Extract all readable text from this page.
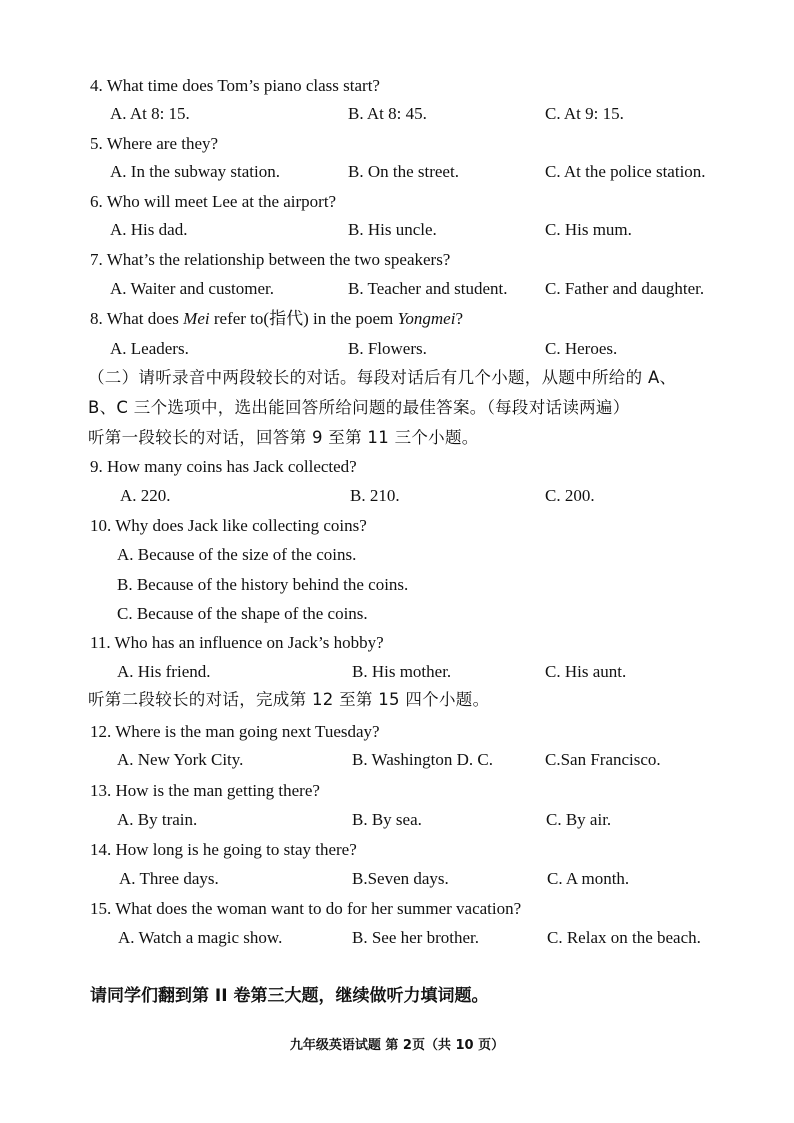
4. What time does Tom’s piano class start?
A. At 8: 15.	B. At 8: 45.	C. At 9: 15.
5. Where are they?
A. In the subway station.	B. On the street.	C. At the police station.
6. Who will meet Lee at the airport?
A. His dad.	B. His uncle.	C. His mum.
7. What’s the relationship between the two speakers?
A. Waiter and customer.	B. Teacher and student. C. Father and daughter.
8. What does Mei refer to(指代) in the poem Yongmei?
A. Leaders.	B. Flowers.	C. Heroes.
（二）请听录音中两段较长的对话。每段对话后有几个小题，从题中所给的 A、
B、C 三个选项中，选出能回答所给问题的最佳答案。（每段对话读两遍）
听第一段较长的对话，回答第 9 至第 11 三个小题。
9. How many coins has Jack collected?
A. 220.	B. 210.	C. 200.
10. Why does Jack like collecting coins?
A. Because of the size of the coins.
B. Because of the history behind the coins.
C. Because of the shape of the coins.
11. Who has an influence on Jack’s hobby?
A. His friend.	B. His mother.	C. His aunt.
听第二段较长的对话，完成第 12 至第 15 四个小题。
12. Where is the man going next Tuesday?
A. New York City.	B. Washington D. C.	C.San Francisco.
13. How is the man getting there?
A. By train.	B. By sea.	C. By air.
14. How long is he going to stay there?
A. Three days.	B.Seven days.	C. A month.
15. What does the woman want to do for her summer vacation?
A. Watch a magic show.	B. See her brother.	C. Relax on the beach.
请同学们翻到第 II 卷第三大题，继续做听力填词题。
九年级英语试题 第 2页（共 10 页）
